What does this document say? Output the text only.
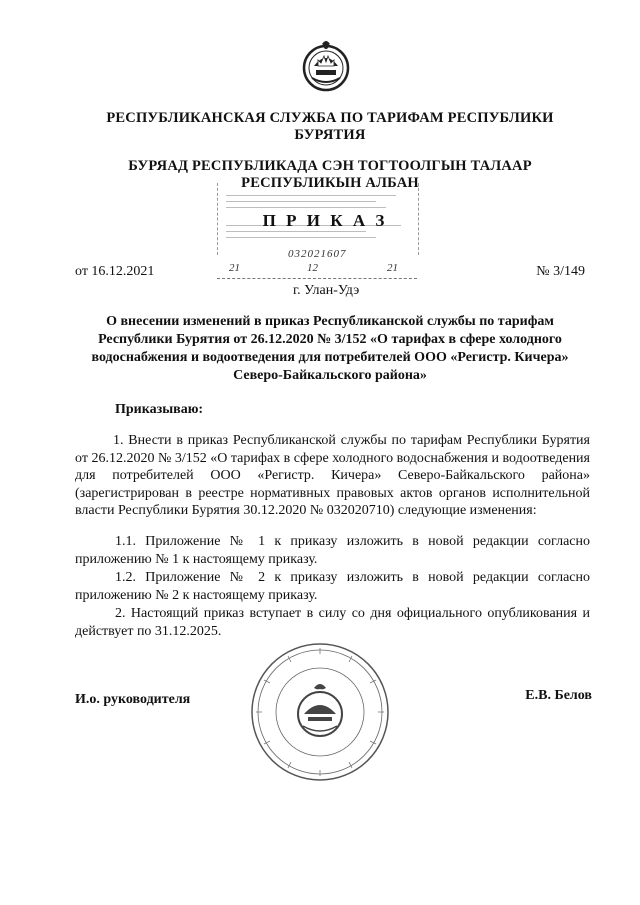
РЕСПУБЛИКАНСКАЯ СЛУЖБА ПО ТАРИФАМ РЕСПУБЛИКИ
БУРЯТИЯ
БУРЯАД РЕСПУБЛИКАДА СЭН ТОГТООЛГЫН ТАЛААР
РЕСПУБЛИКЫН АЛБАН
П Р И К А З
032021607
от 16.12.2021	21	12	21	№ 3/149
г. Улан-Удэ
О внесении изменений в приказ Республиканской службы по тарифам
Республики Бурятия от 26.12.2020 № 3/152 «О тарифах в сфере холодного
водоснабжения и водоотведения для потребителей ООО «Регистр. Кичера»
Северо-Байкальского района»
Приказываю:
1. Внести в приказ Республиканской службы по тарифам Республики Бурятия от 26.12.2020 № 3/152 «О тарифах в сфере холодного водоснабжения и водоотведения для потребителей ООО «Регистр. Кичера» Северо-Байкальского района» (зарегистрирован в реестре нормативных правовых актов органов исполнительной власти Республики Бурятия 30.12.2020 № 032020710) следующие изменения:
1.1. Приложение № 1 к приказу изложить в новой редакции согласно приложению № 1 к настоящему приказу.
1.2. Приложение № 2 к приказу изложить в новой редакции согласно приложению № 2 к настоящему приказу.
2. Настоящий приказ вступает в силу со дня официального опубликования и действует по 31.12.2025.
И.о. руководителя	Е.В. Белов
